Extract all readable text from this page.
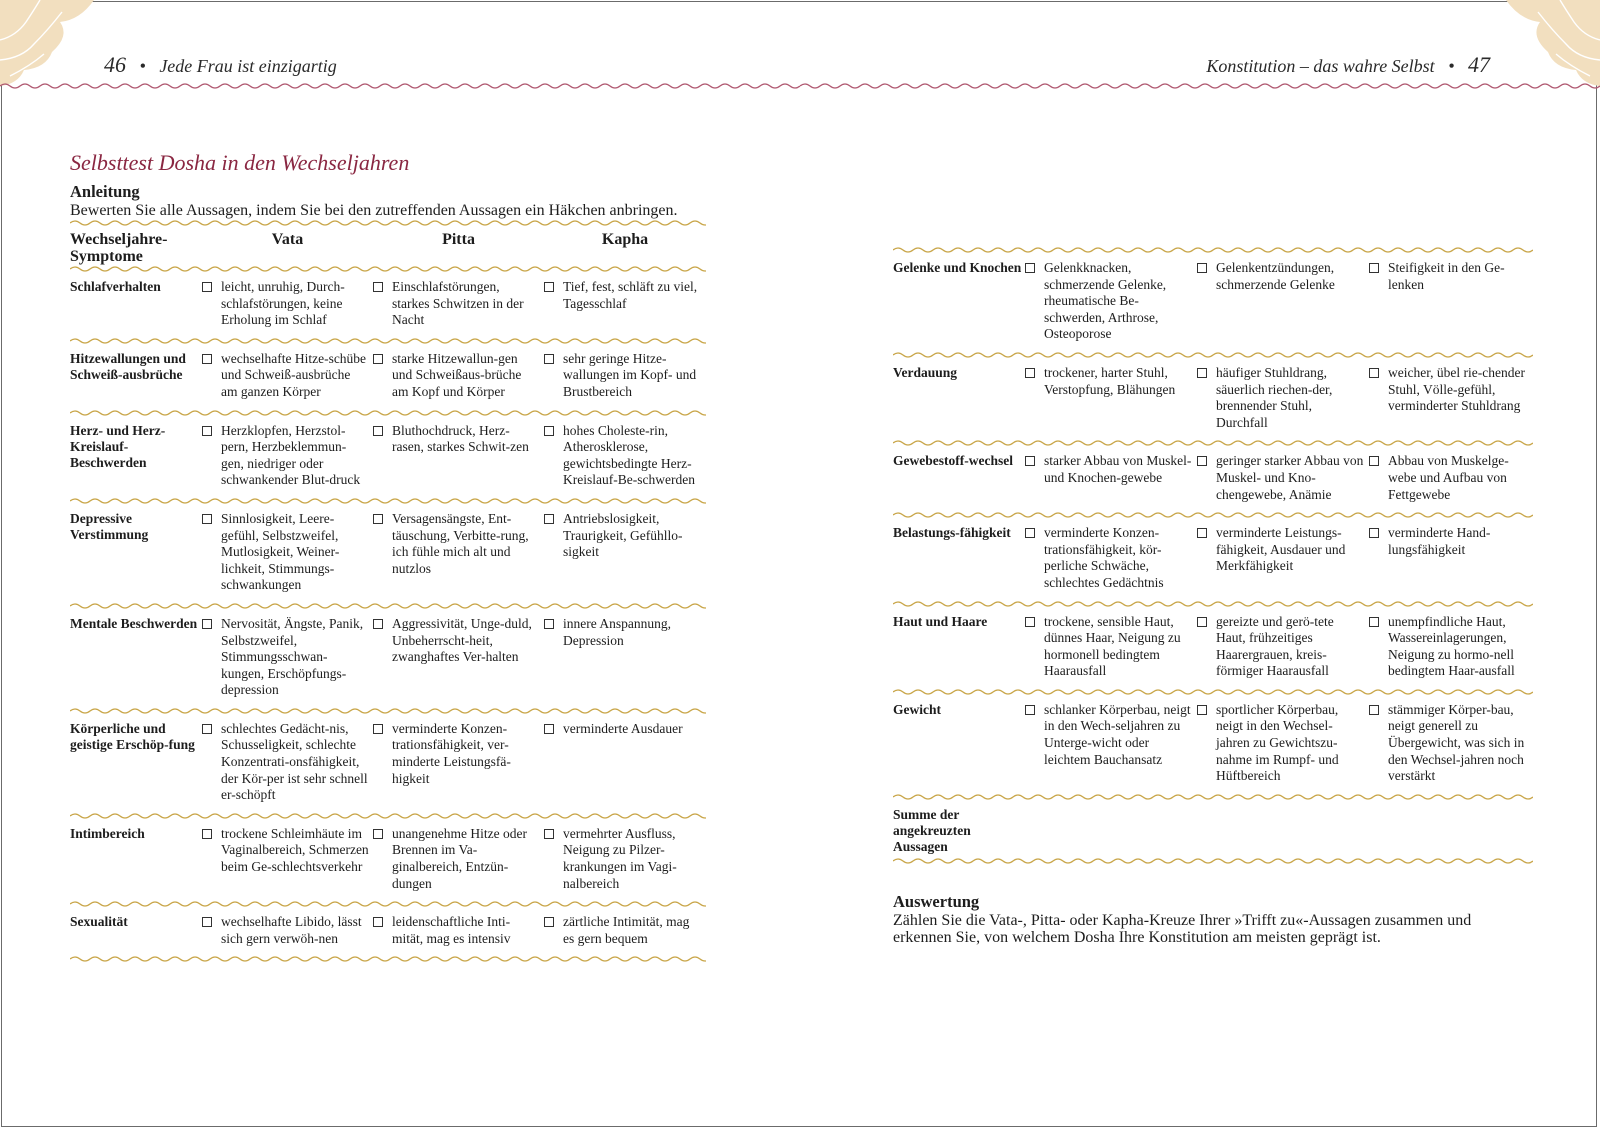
46 • Jede Frau ist einzigartig	Konstitution – das wahre Selbst • 47

Selbsttest Dosha in den Wechseljahren

Anleitung

Bewerten Sie alle Aussagen, indem Sie bei den zutreffenden Aussagen ein Häkchen anbringen.

Wechseljahre-Symptome	Vata	Pitta	Kapha

Schlafverhalten	leicht, unruhig, Durch-schlafstörungen, keine Erholung im Schlaf	Einschlafstörungen, starkes Schwitzen in der Nacht	Tief, fest, schläft zu viel, Tagesschlaf

Hitzewallungen und Schweiß-ausbrüche	wechselhafte Hitze-schübe und Schweiß-ausbrüche am ganzen Körper	starke Hitzewallun-gen und Schweißaus-brüche am Kopf und Körper	sehr geringe Hitze-wallungen im Kopf- und Brustbereich

Herz- und Herz-Kreislauf-Beschwerden	Herzklopfen, Herzstol-pern, Herzbeklemmun-gen, niedriger oder schwankender Blut-druck	Bluthochdruck, Herz-rasen, starkes Schwit-zen	hohes Choleste-rin, Atherosklerose, gewichtsbedingte Herz-Kreislauf-Be-schwerden

Depressive Verstimmung	Sinnlosigkeit, Leere-gefühl, Selbstzweifel, Mutlosigkeit, Weiner-lichkeit, Stimmungs-schwankungen	Versagensängste, Ent-täuschung, Verbitte-rung, ich fühle mich alt und nutzlos	Antriebslosigkeit, Traurigkeit, Gefühllo-sigkeit

Mentale Beschwerden	Nervosität, Ängste, Panik, Selbstzweifel, Stimmungsschwan-kungen, Erschöpfungs-depression	Aggressivität, Unge-duld, Unbeherrscht-heit, zwanghaftes Ver-halten	innere Anspannung, Depression

Körperliche und geistige Erschöp-fung	schlechtes Gedächt-nis, Schusseligkeit, schlechte Konzentrati-onsfähigkeit, der Kör-per ist sehr schnell er-schöpft	verminderte Konzen-trationsfähigkeit, ver-minderte Leistungsfä-higkeit	verminderte Ausdauer

Intimbereich	trockene Schleimhäute im Vaginalbereich, Schmerzen beim Ge-schlechtsverkehr	unangenehme Hitze oder Brennen im Va-ginalbereich, Entzün-dungen	vermehrter Ausfluss, Neigung zu Pilzer-krankungen im Vagi-nalbereich

Sexualität	wechselhafte Libido, lässt sich gern verwöh-nen	leidenschaftliche Inti-mität, mag es intensiv	zärtliche Intimität, mag es gern bequem

Gelenke und Knochen	Gelenkknacken, schmerzende Gelenke, rheumatische Be-schwerden, Arthrose, Osteoporose	Gelenkentzündungen, schmerzende Gelenke	Steifigkeit in den Ge-lenken

Verdauung	trockener, harter Stuhl, Verstopfung, Blähungen	häufiger Stuhldrang, säuerlich riechen-der, brennender Stuhl, Durchfall	weicher, übel rie-chender Stuhl, Völle-gefühl, verminderter Stuhldrang

Gewebestoff-wechsel	starker Abbau von Muskel- und Knochen-gewebe	geringer starker Abbau von Muskel- und Kno-chengewebe, Anämie	Abbau von Muskelge-webe und Aufbau von Fettgewebe

Belastungs-fähigkeit	verminderte Konzen-trationsfähigkeit, kör-perliche Schwäche, schlechtes Gedächtnis	verminderte Leistungs-fähigkeit, Ausdauer und Merkfähigkeit	verminderte Hand-lungsfähigkeit

Haut und Haare	trockene, sensible Haut, dünnes Haar, Neigung zu hormonell bedingtem Haarausfall	gereizte und gerö-tete Haut, frühzeitiges Haarergrauen, kreis-förmiger Haarausfall	unempfindliche Haut, Wassereinlagerungen, Neigung zu hormo-nell bedingtem Haar-ausfall

Gewicht	schlanker Körperbau, neigt in den Wech-seljahren zu Unterge-wicht oder leichtem Bauchansatz	sportlicher Körperbau, neigt in den Wechsel-jahren zu Gewichtszu-nahme im Rumpf- und Hüftbereich	stämmiger Körper-bau, neigt generell zu Übergewicht, was sich in den Wechsel-jahren noch verstärkt

Summe der angekreuzten Aussagen			

Auswertung

Zählen Sie die Vata-, Pitta- oder Kapha-Kreuze Ihrer »Trifft zu«-Aussagen zusammen und erkennen Sie, von welchem Dosha Ihre Konstitution am meisten geprägt ist.
